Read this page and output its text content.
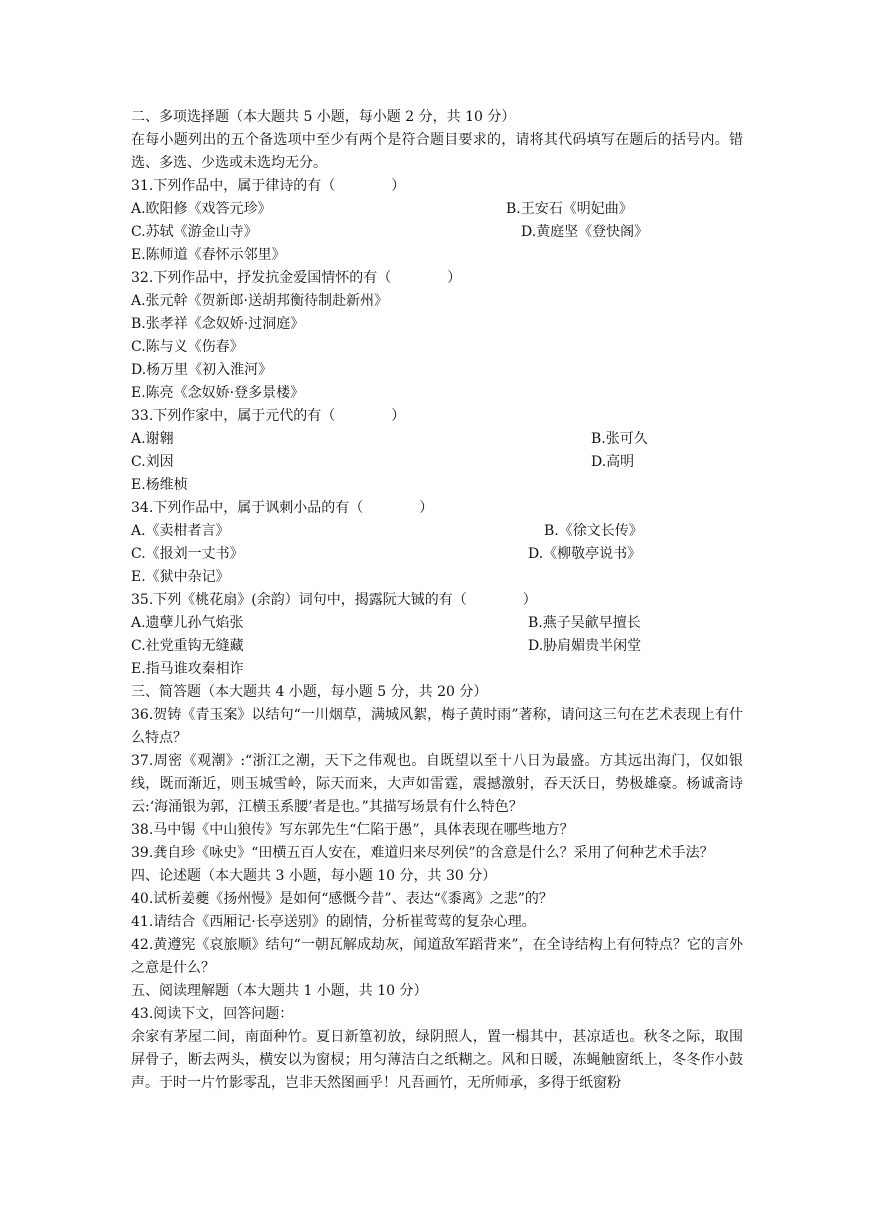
二、多项选择题（本大题共 5 小题，每小题 2 分，共 10 分）
在每小题列出的五个备选项中至少有两个是符合题目要求的，请将其代码填写在题后的括号内。错选、多选、少选或未选均无分。
31.下列作品中，属于律诗的有（　　　　）
A.欧阳修《戏答元珍》	B.王安石《明妃曲》
C.苏轼《游金山寺》	D.黄庭坚《登快阁》
E.陈师道《春怀示邻里》
32.下列作品中，抒发抗金爱国情怀的有（　　　　）
A.张元幹《贺新郎·送胡邦衡待制赴新州》
B.张孝祥《念奴娇·过洞庭》
C.陈与义《伤春》
D.杨万里《初入淮河》
E.陈亮《念奴娇·登多景楼》
33.下列作家中，属于元代的有（　　　　）
A.谢翱	B.张可久
C.刘因	D.高明
E.杨维桢
34.下列作品中，属于讽刺小品的有（　　　　）
A.《卖柑者言》	B.《徐文长传》
C.《报刘一丈书》	D.《柳敬亭说书》
E.《狱中杂记》
35.下列《桃花扇》(余韵）词句中，揭露阮大铖的有（　　　　）
A.遗孽儿孙气焰张	B.燕子吴歈早擅长
C.社党重钩无缝藏	D.胁肩媚贵半闲堂
E.指马谁攻秦相诈
三、简答题（本大题共 4 小题，每小题 5 分，共 20 分）
36.贺铸《青玉案》以结句“一川烟草，满城风絮，梅子黄时雨”著称，请问这三句在艺术表现上有什么特点？
37.周密《观潮》:“浙江之潮，天下之伟观也。自既望以至十八日为最盛。方其远出海门，仅如银线，既而渐近，则玉城雪岭，际天而来，大声如雷霆，震撼激射，吞天沃日，势极雄豪。杨诚斋诗云:‘海涌银为郭，江横玉系腰’者是也。”其描写场景有什么特色？
38.马中锡《中山狼传》写东郭先生“仁陷于愚”，具体表现在哪些地方？
39.龚自珍《咏史》“田横五百人安在，难道归来尽列侯”的含意是什么？采用了何种艺术手法？
四、论述题（本大题共 3 小题，每小题 10 分，共 30 分）
40.试析姜夔《扬州慢》是如何“感慨今昔”、表达“《黍离》之悲”的？
41.请结合《西厢记·长亭送别》的剧情，分析崔莺莺的复杂心理。
42.黄遵宪《哀旅顺》结句“一朝瓦解成劫灰，闻道敌军蹈背来”，在全诗结构上有何特点？它的言外之意是什么？
五、阅读理解题（本大题共 1 小题，共 10 分）
43.阅读下文，回答问题：
余家有茅屋二间，南面种竹。夏日新篁初放，绿阴照人，置一榻其中，甚凉适也。秋冬之际，取围屏骨子，断去两头，横安以为窗棂；用匀薄洁白之纸糊之。风和日暖，冻蝇触窗纸上，冬冬作小鼓声。于时一片竹影零乱，岂非天然图画乎！凡吾画竹，无所师承，多得于纸窗粉
